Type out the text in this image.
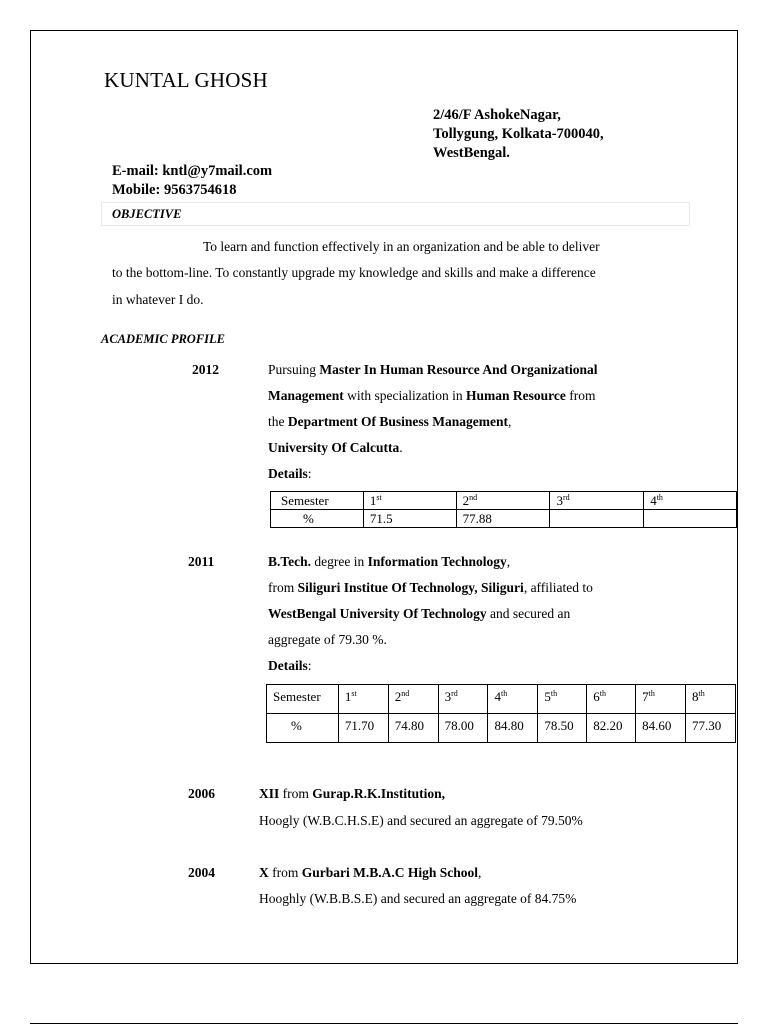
KUNTAL GHOSH
2/46/F AshokeNagar,
Tollygung, Kolkata-700040,
WestBengal.
E-mail: kntl@y7mail.com
Mobile: 9563754618
OBJECTIVE
To learn and function effectively in an organization and be able to deliver
to the bottom-line. To constantly upgrade my knowledge and skills and make a difference
in whatever I do.
ACADEMIC PROFILE
2012	Pursuing Master In Human Resource And Organizational
Management with specialization in Human Resource from
the Department Of Business Management,
University Of Calcutta.
Details:
Semester	1st	2nd	3rd	4th
%	71.5	77.88		
2011	B.Tech. degree in Information Technology,
from Siliguri Institue Of Technology, Siliguri, affiliated to
WestBengal University Of Technology and secured an
aggregate of 79.30 %.
Details:
Semester	1st	2nd	3rd	4th	5th	6th	7th	8th
%	71.70	74.80	78.00	84.80	78.50	82.20	84.60	77.30
2006	XII from Gurap.R.K.Institution,
Hoogly (W.B.C.H.S.E) and secured an aggregate of 79.50%
2004	X from Gurbari M.B.A.C High School,
Hooghly (W.B.B.S.E) and secured an aggregate of 84.75%
